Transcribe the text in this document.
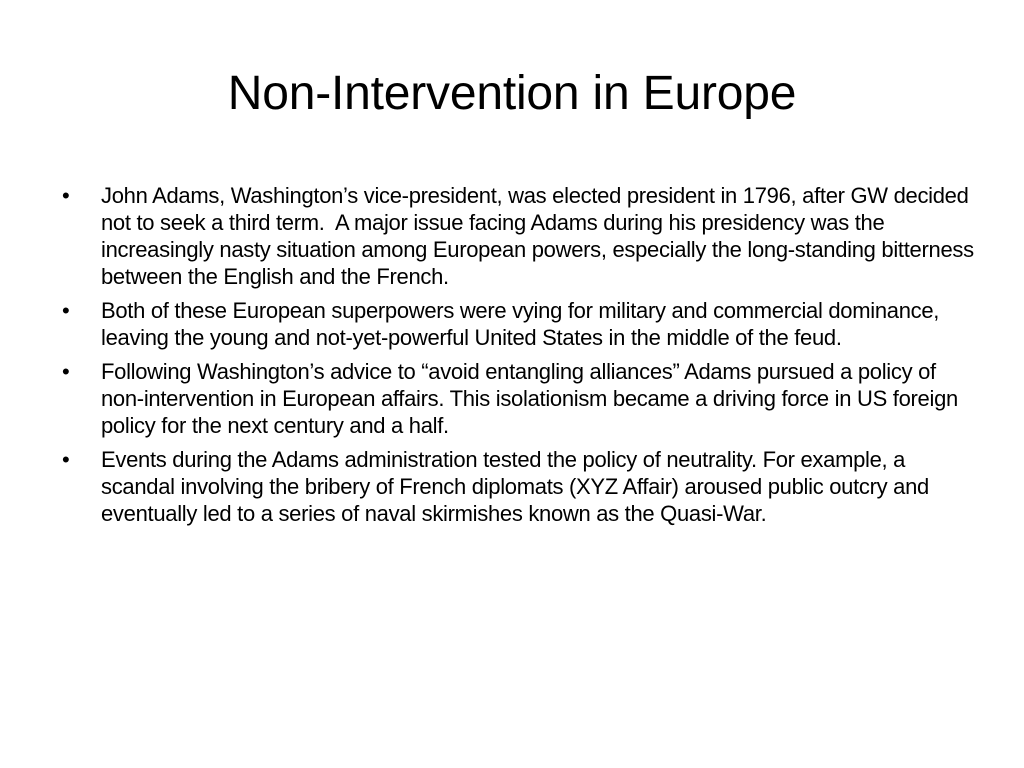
Non-Intervention in Europe
• John Adams, Washington’s vice-president, was elected president in 1796, after GW decided not to seek a third term.  A major issue facing Adams during his presidency was the increasingly nasty situation among European powers, especially the long-standing bitterness between the English and the French.
• Both of these European superpowers were vying for military and commercial dominance, leaving the young and not-yet-powerful United States in the middle of the feud.
• Following Washington’s advice to “avoid entangling alliances” Adams pursued a policy of non-intervention in European affairs. This isolationism became a driving force in US foreign policy for the next century and a half.
• Events during the Adams administration tested the policy of neutrality. For example, a scandal involving the bribery of French diplomats (XYZ Affair) aroused public outcry and eventually led to a series of naval skirmishes known as the Quasi-War.
